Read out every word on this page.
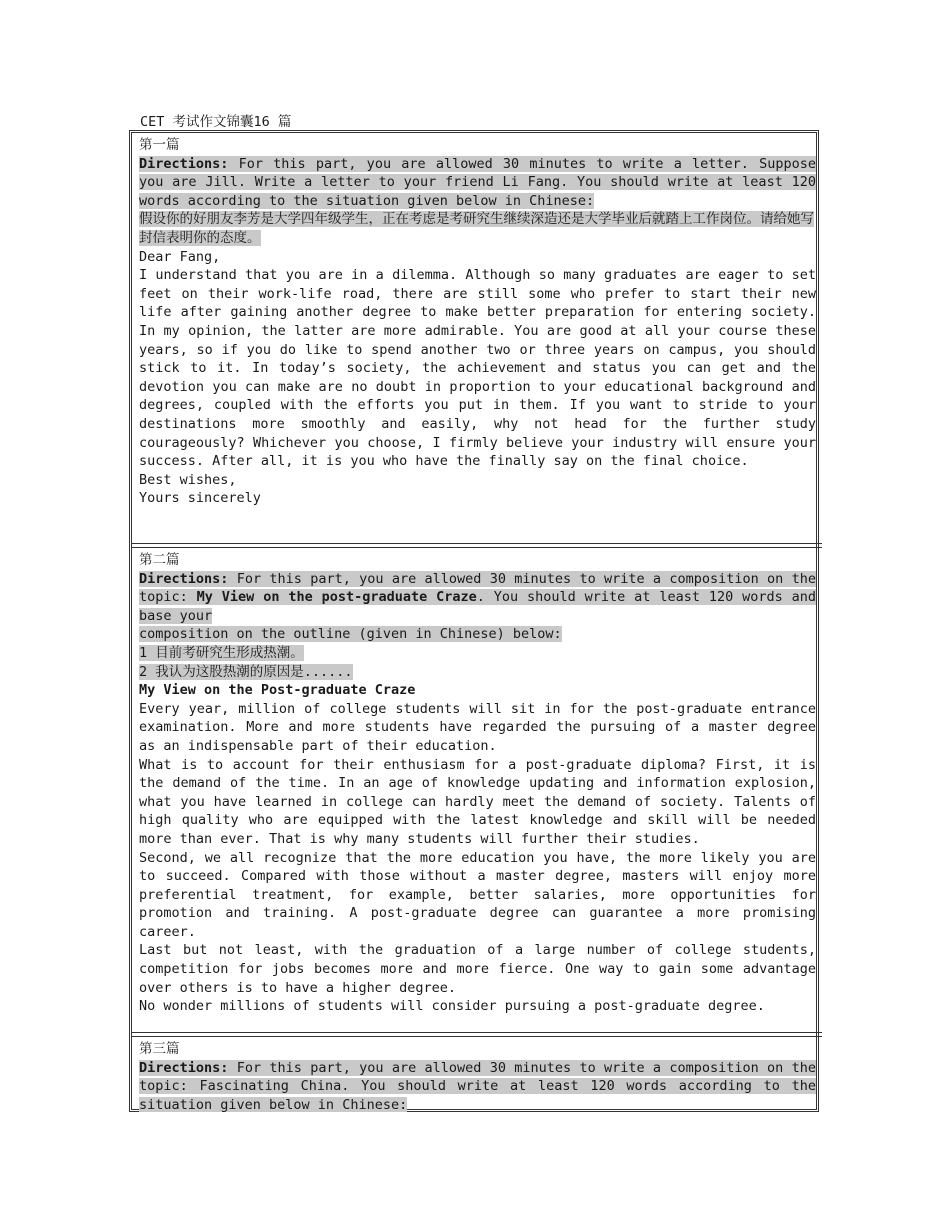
CET 考试作文锦囊16 篇

第一篇

Directions: For this part, you are allowed 30 minutes to write a letter. Suppose you are Jill. Write a letter to your friend Li Fang. You should write at least 120 words according to the situation given below in Chinese:

假设你的好朋友李芳是大学四年级学生，正在考虑是考研究生继续深造还是大学毕业后就踏上工作岗位。请给她写封信表明你的态度。

Dear Fang,

I understand that you are in a dilemma. Although so many graduates are eager to set feet on their work-life road, there are still some who prefer to start their new life after gaining another degree to make better preparation for entering society. In my opinion, the latter are more admirable. You are good at all your course these years, so if you do like to spend another two or three years on campus, you should stick to it. In today’s society, the achievement and status you can get and the devotion you can make are no doubt in proportion to your educational background and degrees, coupled with the efforts you put in them. If you want to stride to your destinations more smoothly and easily, why not head for the further study courageously? Whichever you choose, I firmly believe your industry will ensure your success. After all, it is you who have the finally say on the final choice.

Best wishes,

Yours sincerely

第二篇

Directions: For this part, you are allowed 30 minutes to write a composition on the topic: My View on the post-graduate Craze. You should write at least 120 words and base your

composition on the outline (given in Chinese) below:

1 目前考研究生形成热潮。

2 我认为这股热潮的原因是......

My View on the Post-graduate Craze

Every year, million of college students will sit in for the post-graduate entrance examination. More and more students have regarded the pursuing of a master degree as an indispensable part of their education.

What is to account for their enthusiasm for a post-graduate diploma? First, it is the demand of the time. In an age of knowledge updating and information explosion, what you have learned in college can hardly meet the demand of society. Talents of high quality who are equipped with the latest knowledge and skill will be needed more than ever. That is why many students will further their studies.

Second, we all recognize that the more education you have, the more likely you are to succeed. Compared with those without a master degree, masters will enjoy more preferential treatment, for example, better salaries, more opportunities for promotion and training. A post-graduate degree can guarantee a more promising career.

Last but not least, with the graduation of a large number of college students, competition for jobs becomes more and more fierce. One way to gain some advantage over others is to have a higher degree.

No wonder millions of students will consider pursuing a post-graduate degree.

第三篇

Directions: For this part, you are allowed 30 minutes to write a composition on the topic: Fascinating China. You should write at least 120 words according to the situation given below in Chinese:
